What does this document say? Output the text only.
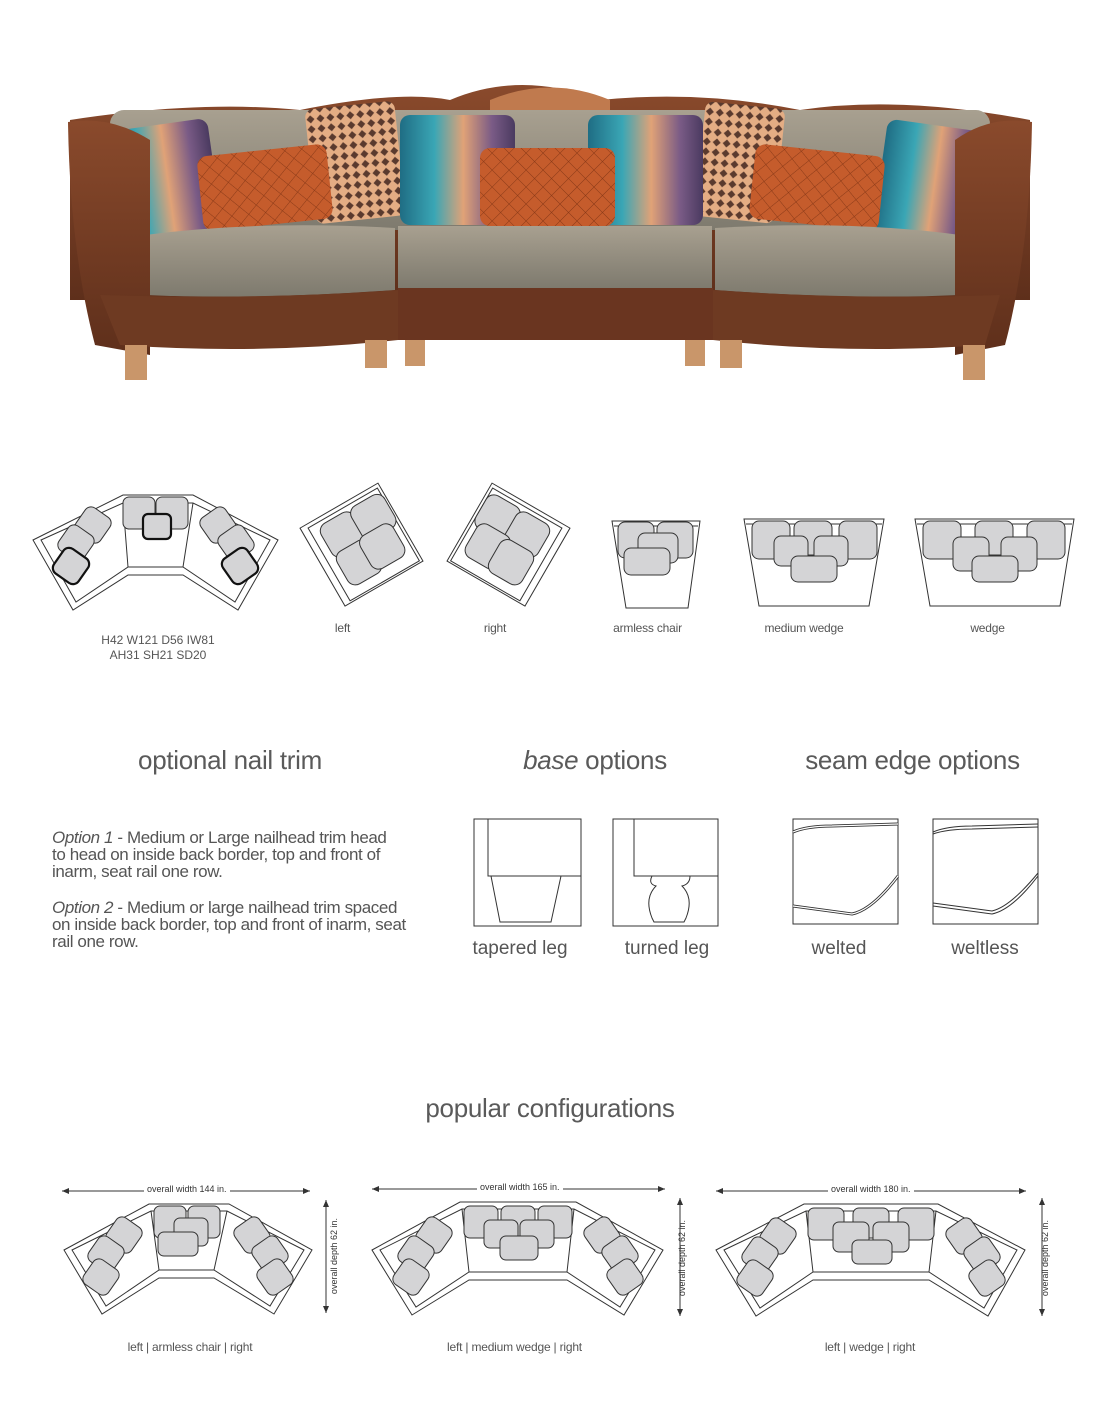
H42 W121 D56 IW81
AH31 SH21 SD20
left	right	armless chair	medium wedge	wedge
optional nail trim	base options	seam edge options
Option 1 - Medium or Large nailhead trim head to head on inside back border, top and front of inarm, seat rail one row.
Option 2 - Medium or large nailhead trim spaced on inside back border, top and front of inarm, seat rail one row.	tapered leg	turned leg	welted	weltless
popular configurations
overall width 144 in.
overall depth 62 in.
left | armless chair | right
overall width 165 in.
overall depth 62 in.
left | medium wedge | right
overall width 180 in.
overall depth 62 in.
left | wedge | right
